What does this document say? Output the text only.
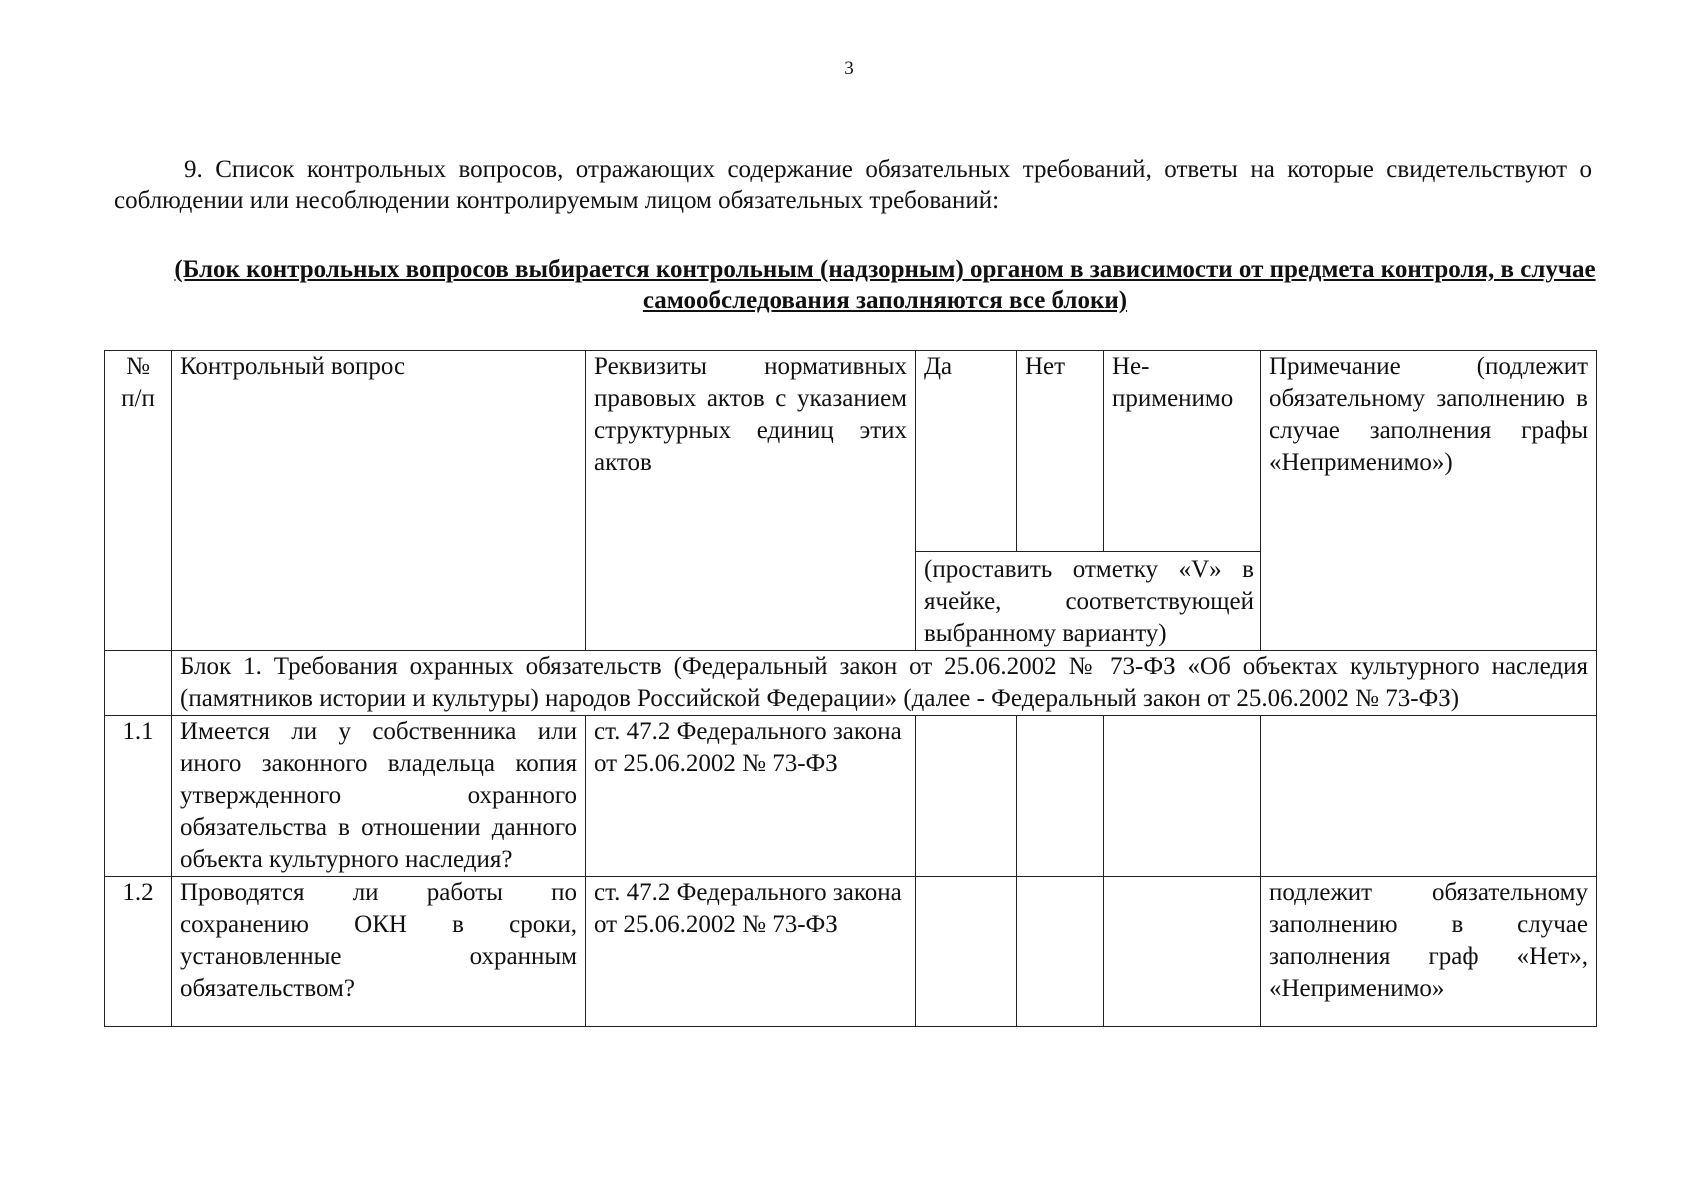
3

9. Список контрольных вопросов, отражающих содержание обязательных требований, ответы на которые свидетельствуют о соблюдении или несоблюдении контролируемым лицом обязательных требований:

(Блок контрольных вопросов выбирается контрольным (надзорным) органом в зависимости от предмета контроля, в случае самообследования заполняются все блоки)

№ п/п	Контрольный вопрос	Реквизиты нормативных правовых актов с указанием структурных единиц этих актов	Да	Нет	Не-применимо	Примечание (подлежит обязательному заполнению в случае заполнения графы «Неприменимо»)
			(проставить отметку «V» в ячейке, соответствующей выбранному варианту)			
	Блок 1. Требования охранных обязательств (Федеральный закон от 25.06.2002 № 73-ФЗ «Об объектах культурного наследия (памятников истории и культуры) народов Российской Федерации» (далее - Федеральный закон от 25.06.2002 № 73-ФЗ)					
1.1	Имеется ли у собственника или иного законного владельца копия утвержденного охранного обязательства в отношении данного объекта культурного наследия?	ст. 47.2 Федерального закона от 25.06.2002 № 73-ФЗ				
1.2	Проводятся ли работы по сохранению ОКН в сроки, установленные охранным обязательством?	ст. 47.2 Федерального закона от 25.06.2002 № 73-ФЗ				подлежит обязательному заполнению в случае заполнения граф «Нет», «Неприменимо»
